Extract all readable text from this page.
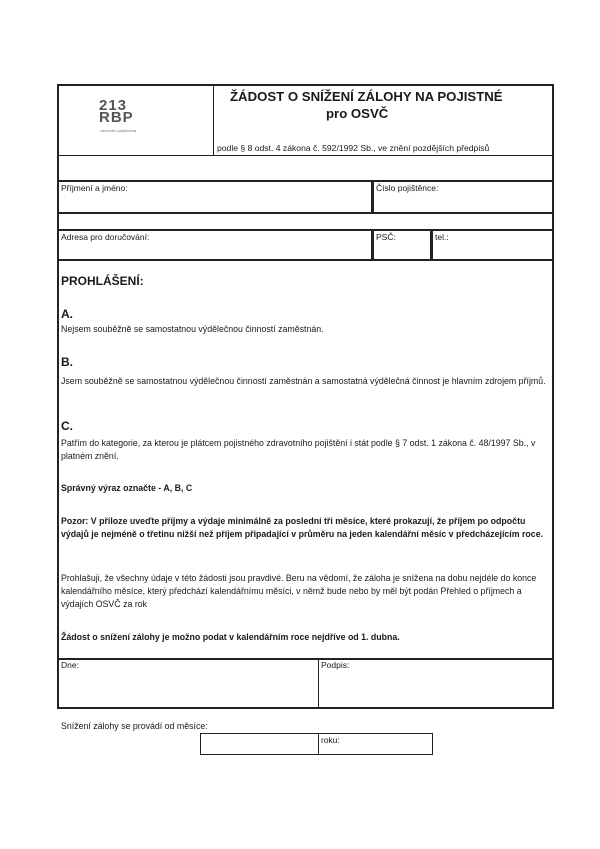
213
RBP
zdravotní pojišťovna
ŽÁDOST O SNÍŽENÍ ZÁLOHY NA POJISTNÉ
pro OSVČ
podle § 8 odst. 4 zákona č. 592/1992 Sb., ve znění pozdějších předpisů
Příjmení a jméno:	Číslo pojištěnce:
Adresa pro doručování:	PSČ:	tel.:
PROHLÁŠENÍ:
A.
Nejsem souběžně se samostatnou výdělečnou činností zaměstnán.
B.
Jsem souběžně se samostatnou výdělečnou činností zaměstnán a samostatná výdělečná činnost je hlavním zdrojem příjmů.
C.
Patřím do kategorie, za kterou je plátcem pojistného zdravotního pojištění i stát podle § 7 odst. 1 zákona č. 48/1997 Sb., v platném znění.
Správný výraz označte - A, B, C
Pozor: V příloze uveďte příjmy a výdaje minimálně za poslední tři měsíce, které prokazují, že příjem po odpočtu výdajů je nejméně o třetinu nižší než příjem připadající v průměru na jeden kalendářní měsíc v předcházejícím roce.
Prohlašuji, že všechny údaje v této žádosti jsou pravdivé. Beru na vědomí, že záloha je snížena na dobu nejdéle do konce kalendářního měsíce, který předchází kalendářnímu měsíci, v němž bude nebo by měl být podán Přehled o příjmech a výdajích OSVČ za rok
Žádost o snížení zálohy je možno podat v kalendářním roce nejdříve od 1. dubna.
Dne:	Podpis:
Snížení zálohy se provádí od měsíce:
roku:
